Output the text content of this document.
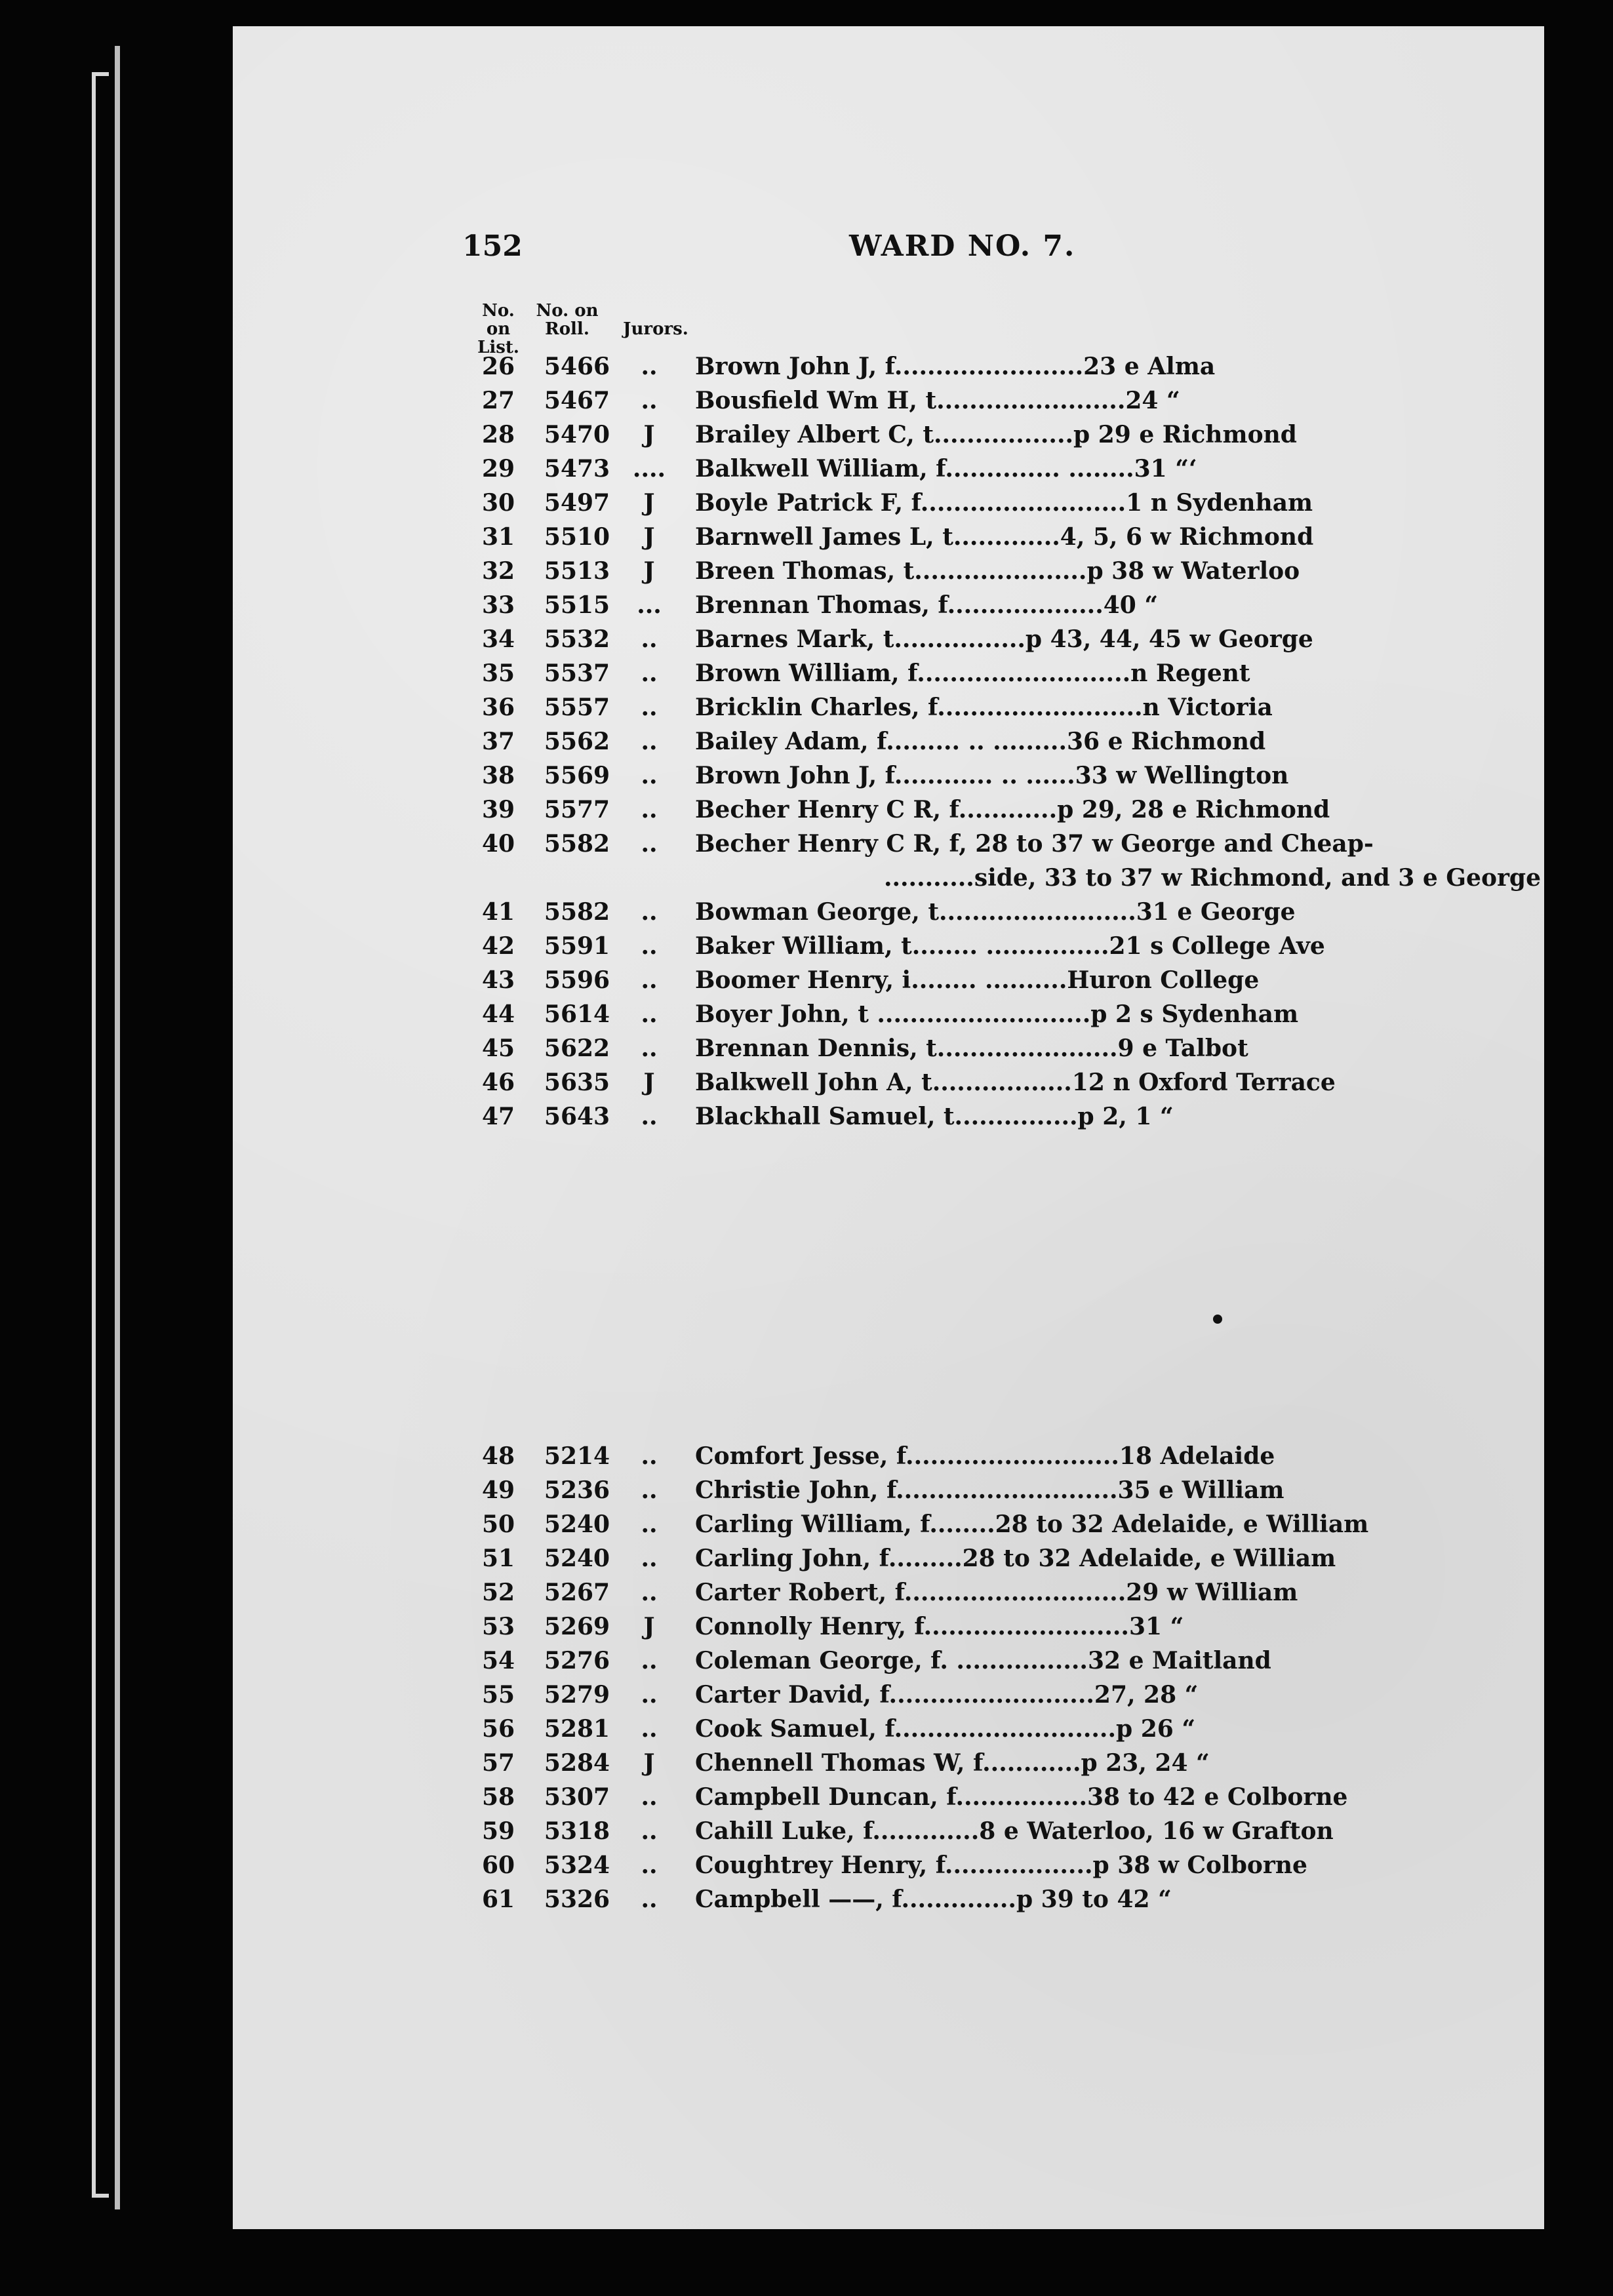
152	WARD NO. 7.
No. on
List.
No. on
Roll.	Jurors.
26	5466	..	Brown John J, f.......................23 e Alma
27	5467	..	Bousfield Wm H, t.......................24 “
28	5470	J	Brailey Albert C, t.................p 29 e Richmond
29	5473 ....	Balkwell William, f.............. ........31 “‘
30	5497	J	Boyle Patrick F, f.........................1 n Sydenham
31	5510	J	Barnwell James L, t.............4, 5, 6 w Richmond
32	5513	J	Breen Thomas, t.....................p 38 w Waterloo
33	5515	...	Brennan Thomas, f...................40 “
34	5532	..	Barnes Mark, t................p 43, 44, 45 w George
35	5537	..	Brown William, f..........................n Regent
36	5557	..	Bricklin Charles, f.........................n Victoria
37	5562	..	Bailey Adam, f......... .. .........36 e Richmond
38	5569	..	Brown John J, f............ .. ......33 w Wellington
39	5577	..	Becher Henry C R, f............p 29, 28 e Richmond
40	5582	..	Becher Henry C R, f, 28 to 37 w George and Cheap-
...........side, 33 to 37 w Richmond, and 3 e George
41	5582	..	Bowman George, t........................31 e George
42	5591	..	Baker William, t........ ...............21 s College Ave
43	5596	..	Boomer Henry, i........ ..........Huron College
44	5614	..	Boyer John, t ..........................p 2 s Sydenham
45	5622	..	Brennan Dennis, t......................9 e Talbot
46	5635	J	Balkwell John A, t.................12 n Oxford Terrace
47	5643	..	Blackhall Samuel, t...............p 2, 1 “
48	5214	..	Comfort Jesse, f..........................18 Adelaide
49	5236	..	Christie John, f...........................35 e William
50	5240	..	Carling William, f........28 to 32 Adelaide, e William
51	5240	..	Carling John, f.........28 to 32 Adelaide, e William
52	5267	..	Carter Robert, f...........................29 w William
53	5269	J	Connolly Henry, f.........................31 “
54	5276	..	Coleman George, f. ................32 e Maitland
55	5279	..	Carter David, f.........................27, 28 “
56	5281	..	Cook Samuel, f...........................p 26 “
57	5284	J	Chennell Thomas W, f............p 23, 24 “
58	5307	..	Campbell Duncan, f................38 to 42 e Colborne
59	5318	..	Cahill Luke, f.............8 e Waterloo, 16 w Grafton
60	5324	..	Coughtrey Henry, f..................p 38 w Colborne
61	5326	..	Campbell ——, f..............p 39 to 42 “
